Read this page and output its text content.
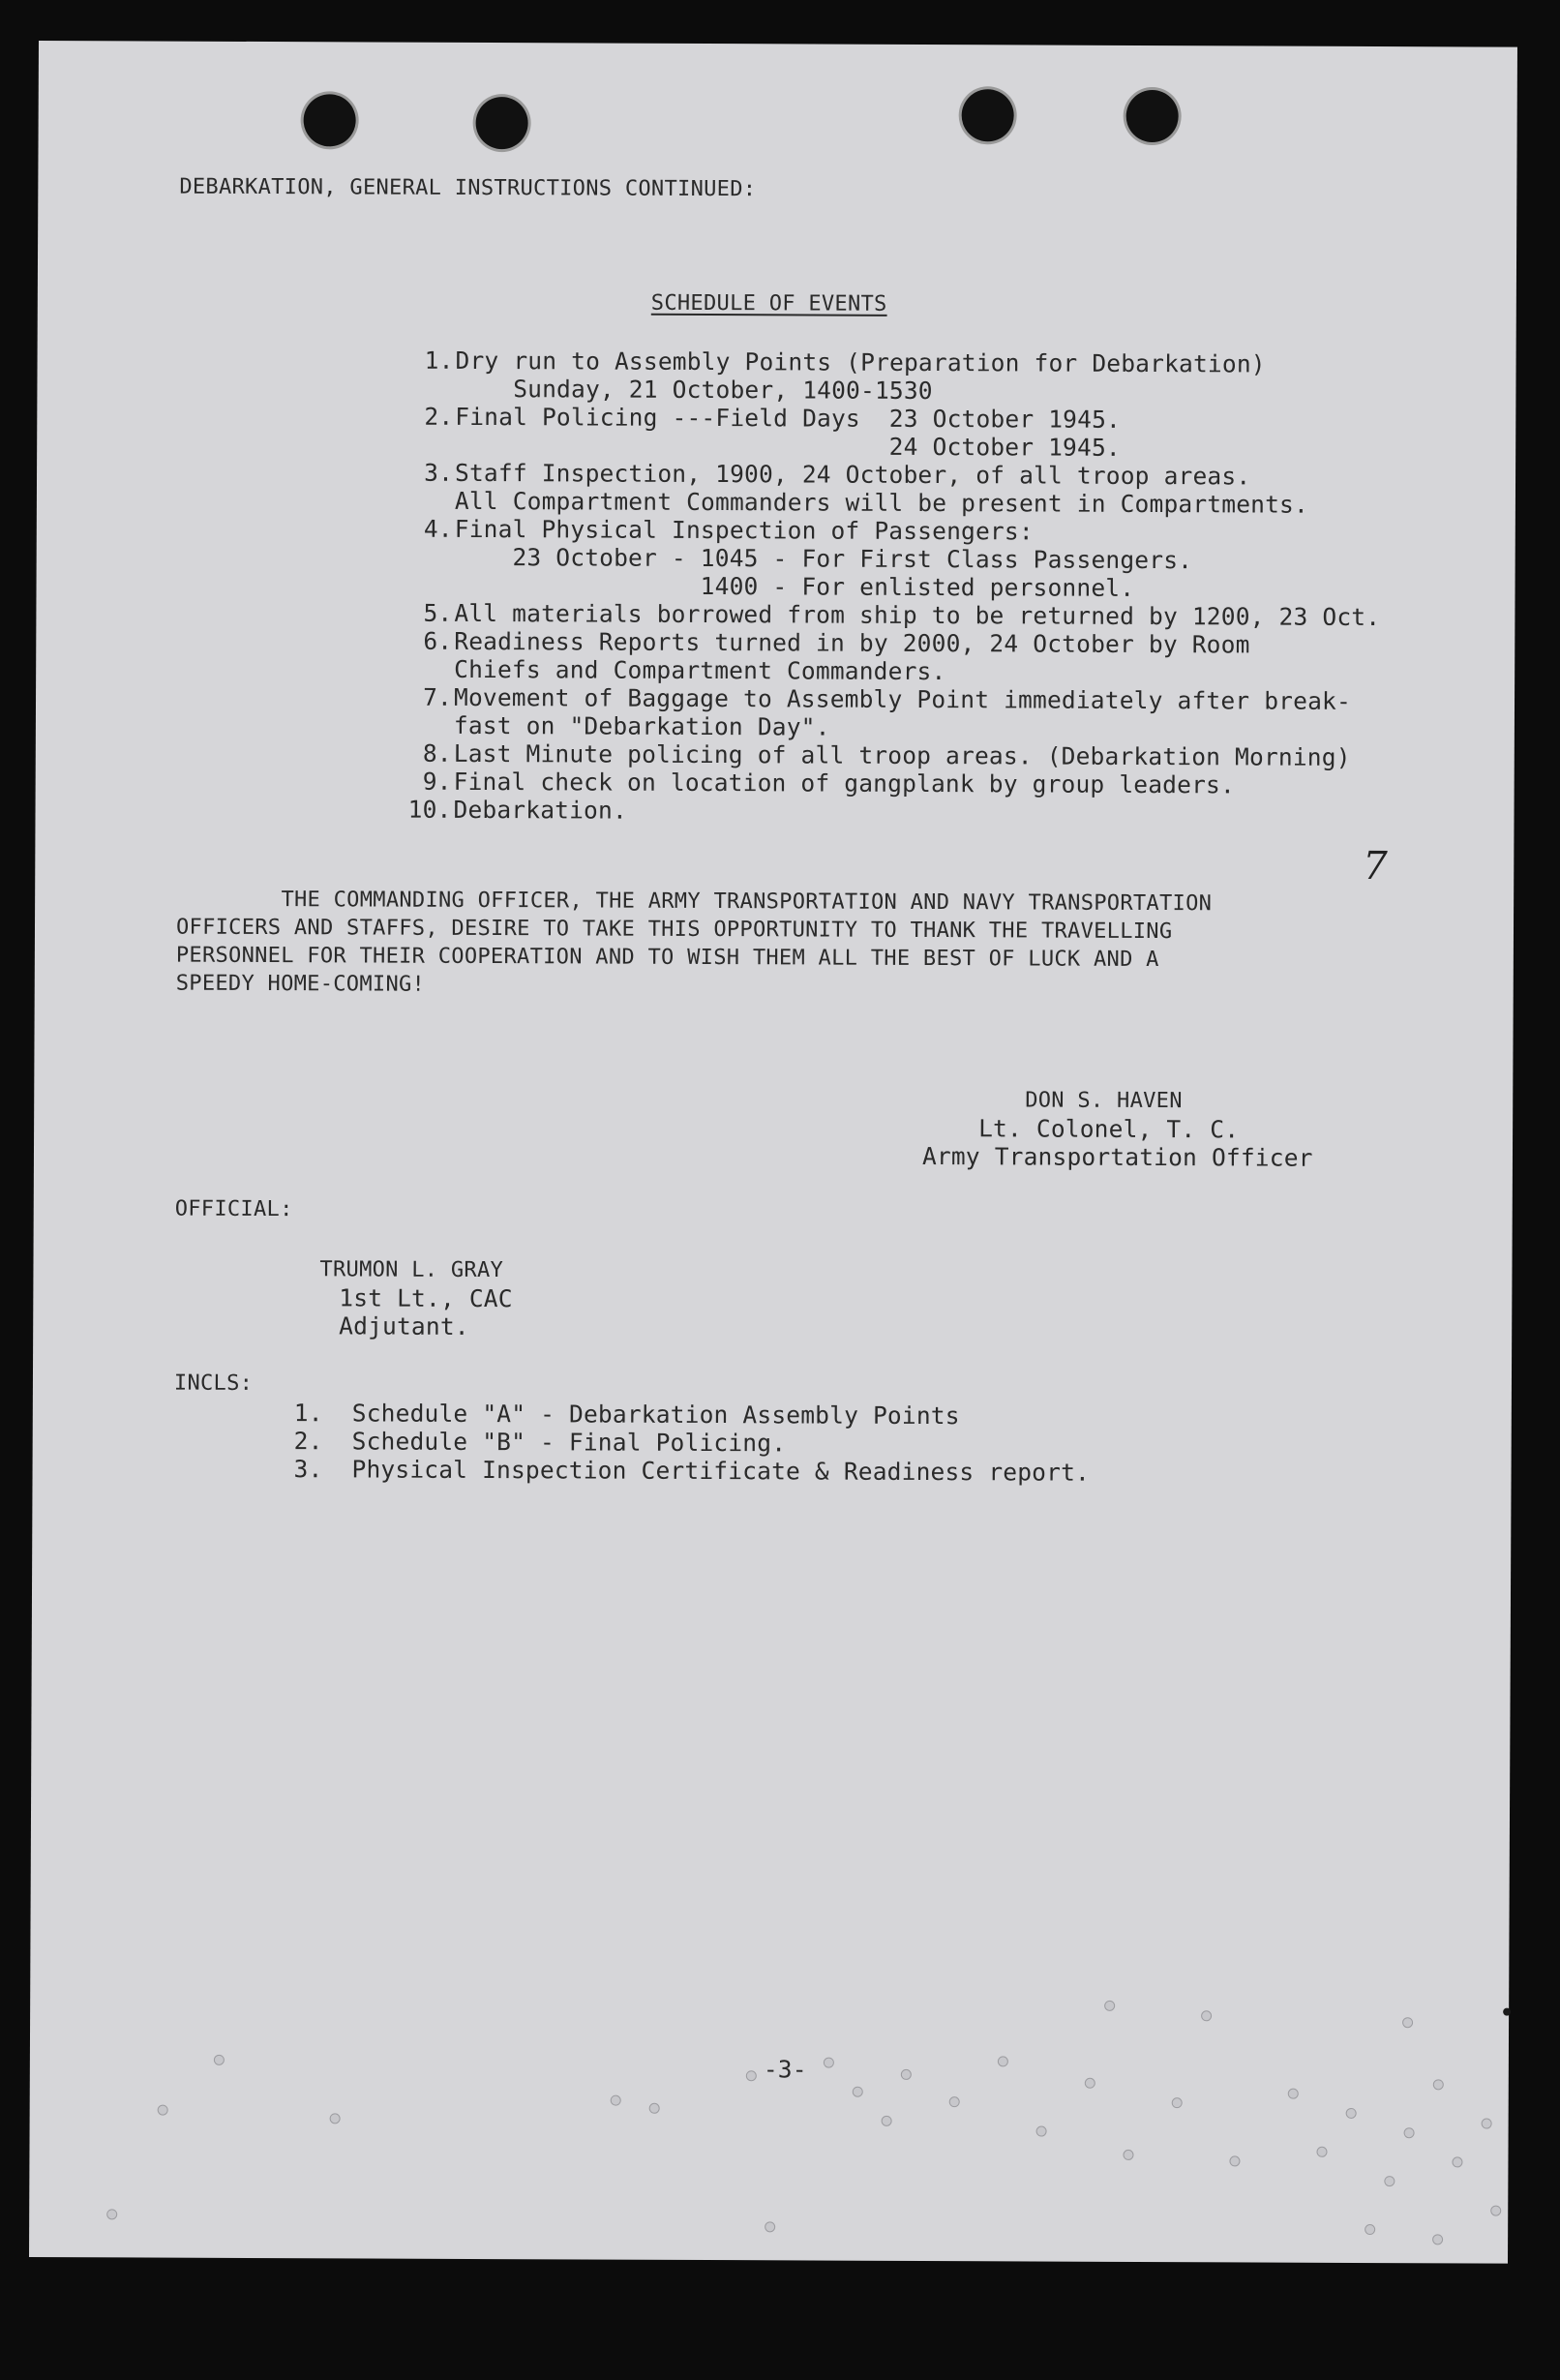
DEBARKATION, GENERAL INSTRUCTIONS CONTINUED:
SCHEDULE OF EVENTS
1. Dry run to Assembly Points (Preparation for Debarkation)
Sunday, 21 October, 1400-1530
2. Final Policing ---Field Days  23 October 1945.
24 October 1945.
3. Staff Inspection, 1900, 24 October, of all troop areas.
All Compartment Commanders will be present in Compartments.
4. Final Physical Inspection of Passengers:
23 October - 1045 - For First Class Passengers.
1400 - For enlisted personnel.
5. All materials borrowed from ship to be returned by 1200, 23 Oct.
6. Readiness Reports turned in by 2000, 24 October by Room
Chiefs and Compartment Commanders.
7. Movement of Baggage to Assembly Point immediately after break-
fast on "Debarkation Day".
8. Last Minute policing of all troop areas. (Debarkation Morning)
9. Final check on location of gangplank by group leaders.
10. Debarkation.
7
THE COMMANDING OFFICER, THE ARMY TRANSPORTATION AND NAVY TRANSPORTATION
OFFICERS AND STAFFS, DESIRE TO TAKE THIS OPPORTUNITY TO THANK THE TRAVELLING
PERSONNEL FOR THEIR COOPERATION AND TO WISH THEM ALL THE BEST OF LUCK AND A
SPEEDY HOME-COMING!
DON S. HAVEN
Lt. Colonel, T. C.
Army Transportation Officer
OFFICIAL:
TRUMON L. GRAY
1st Lt., CAC
Adjutant.
INCLS:
1. Schedule "A" - Debarkation Assembly Points
2. Schedule "B" - Final Policing.
3. Physical Inspection Certificate & Readiness report.
-3-
